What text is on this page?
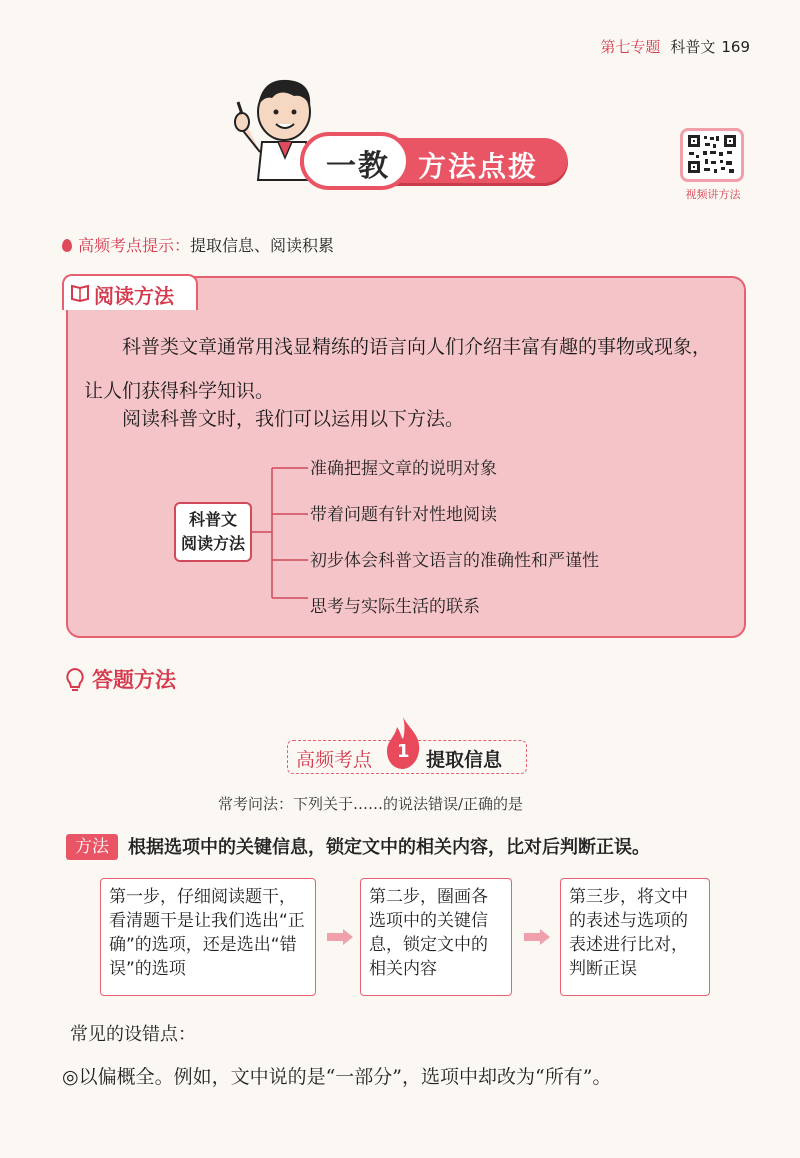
第七专题 科普文 169
一教	方法点拨
视频讲方法
高频考点提示：提取信息、阅读积累
阅读方法
科普类文章通常用浅显精练的语言向人们介绍丰富有趣的事物或现象，让人们获得科学知识。
阅读科普文时，我们可以运用以下方法。
科普文
阅读方法
准确把握文章的说明对象
带着问题有针对性地阅读
初步体会科普文语言的准确性和严谨性
思考与实际生活的联系
答题方法
高频考点	提取信息
1
常考问法：下列关于……的说法错误/正确的是
方法	根据选项中的关键信息，锁定文中的相关内容，比对后判断正误。
第一步，仔细阅读题干，看清题干是让我们选出“正确”的选项，还是选出“错误”的选项
第二步，圈画各选项中的关键信息，锁定文中的相关内容
第三步，将文中的表述与选项的表述进行比对，判断正误
常见的设错点：
◎以偏概全。例如，文中说的是“一部分”，选项中却改为“所有”。
